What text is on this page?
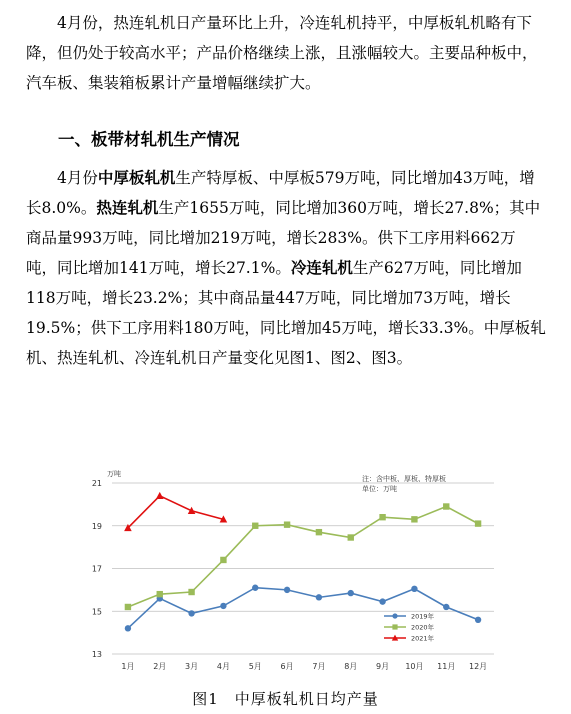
4月份，热连轧机日产量环比上升，冷连轧机持平，中厚板轧机略有下降，但仍处于较高水平；产品价格继续上涨，且涨幅较大。主要品种板中，汽车板、集装箱板累计产量增幅继续扩大。

一、板带材轧机生产情况

4月份中厚板轧机生产特厚板、中厚板579万吨，同比增加43万吨，增长8.0%。热连轧机生产1655万吨，同比增加360万吨，增长27.8%；其中商品量993万吨，同比增加219万吨，增长283%。供下工序用料662万吨，同比增加141万吨，增长27.1%。冷连轧机生产627万吨，同比增加118万吨，增长23.2%；其中商品量447万吨，同比增加73万吨，增长19.5%；供下工序用料180万吨，同比增加45万吨，增长33.3%。中厚板轧机、热连轧机、冷连轧机日产量变化见图1、图2、图3。

万吨
注：含中板、厚板、特厚板
单位：万吨
13
15
17
19
21
1月 2月 3月 4月 5月 6月 7月 8月 9月 10月 11月 12月
2019年
2020年
2021年
图1　中厚板轧机日均产量
